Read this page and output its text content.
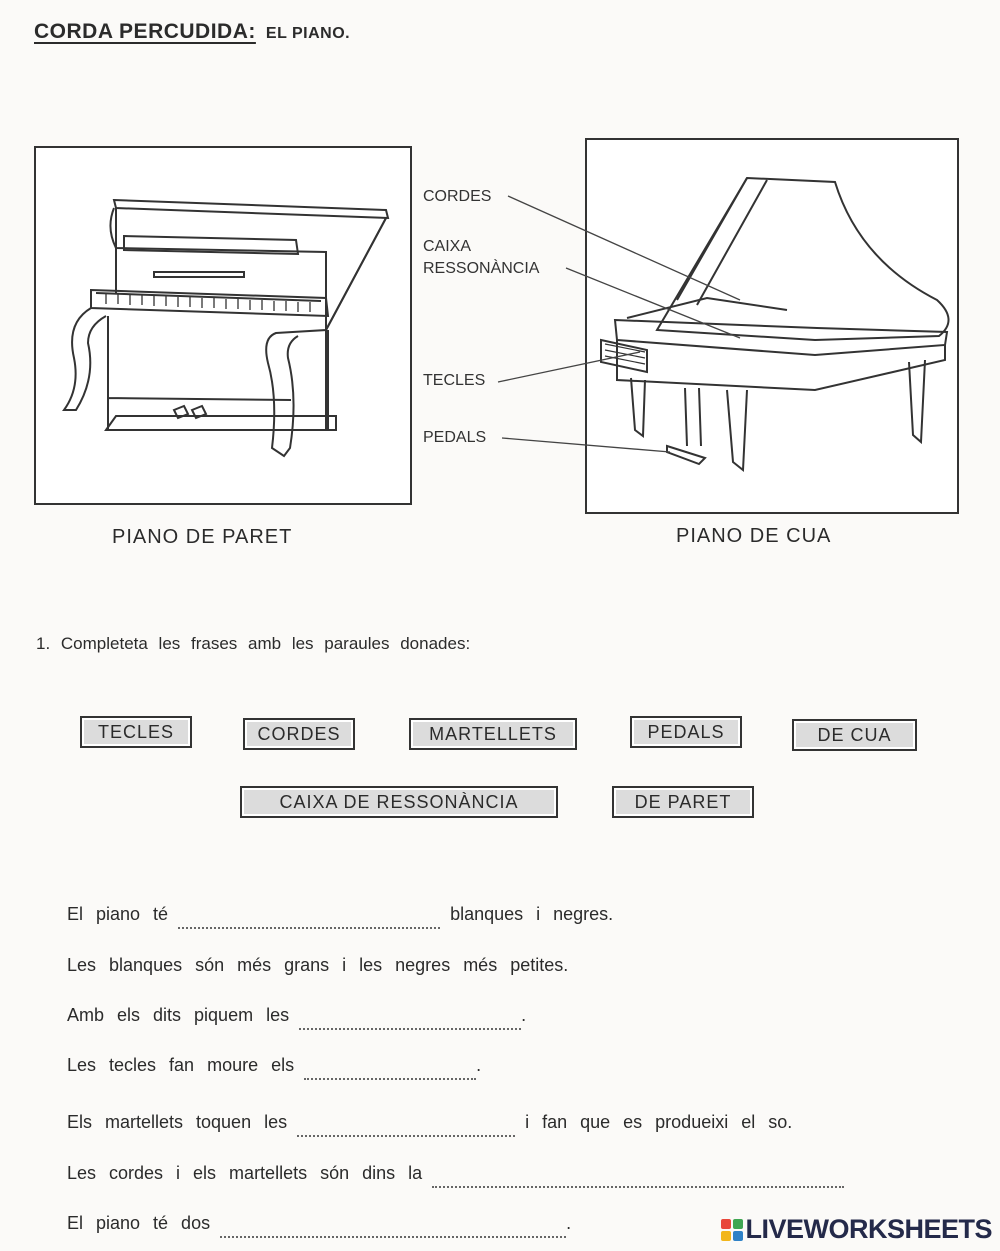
CORDA PERCUDIDA: EL PIANO.
PIANO DE PARET	PIANO DE CUA
CORDES
CAIXA
RESSONÀNCIA
TECLES
PEDALS
1. Completeta les frases amb les paraules donades:
TECLES	CORDES	MARTELLETS	PEDALS	DE CUA
CAIXA DE RESSONÀNCIA	DE PARET
El piano té	blanques i negres.
Les blanques són més grans i les negres més petites.
Amb els dits piquem les	.
Les tecles fan moure els	.
Els martellets toquen les	i fan que es produeixi el so.
Les cordes i els martellets són dins la
El piano té dos	.	LIVEWORKSHEETS
